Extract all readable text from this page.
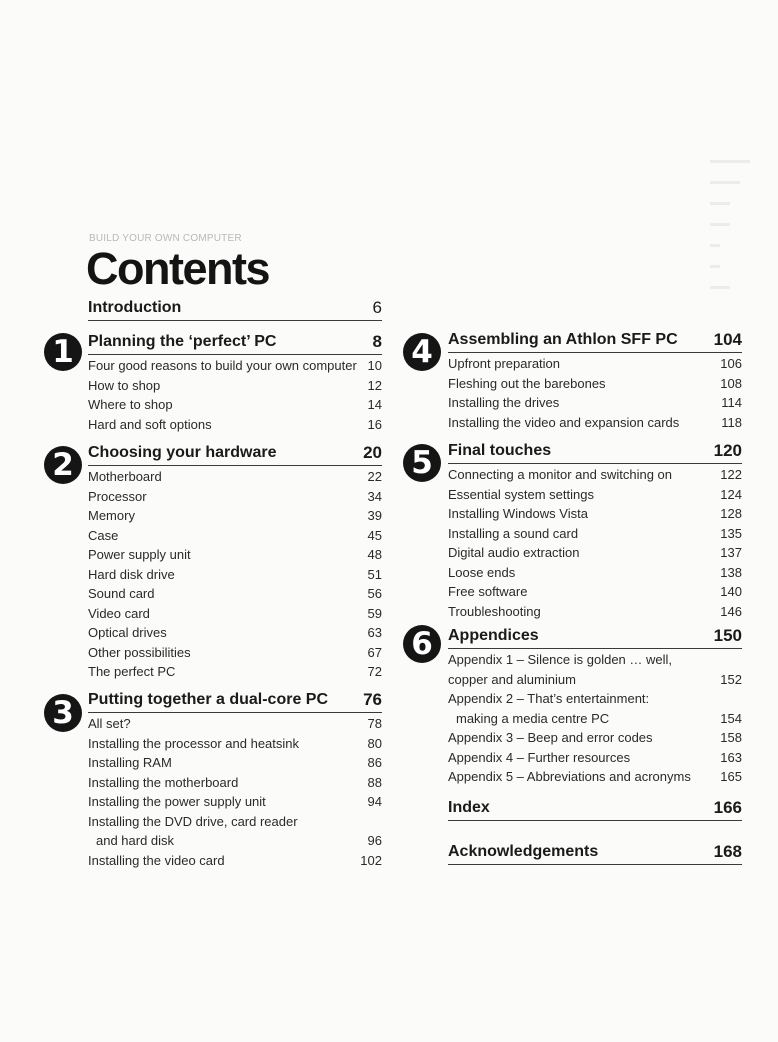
▬▬▬▬
▬▬▬
▬▬
▬▬
▬
▬
▬▬
BUILD YOUR OWN COMPUTER
Contents
Introduction	6
1
2
3
4
5
6
Planning the ‘perfect’ PC	8
Four good reasons to build your own computer 10
How to shop	12
Where to shop	14
Hard and soft options	16
Choosing your hardware	20
Motherboard	22
Processor	34
Memory	39
Case	45
Power supply unit	48
Hard disk drive	51
Sound card	56
Video card	59
Optical drives	63
Other possibilities	67
The perfect PC	72
Putting together a dual-core PC 76
All set?	78
Installing the processor and heatsink	80
Installing RAM	86
Installing the motherboard	88
Installing the power supply unit	94
Installing the DVD drive, card reader
and hard disk	96
Installing the video card	102
Assembling an Athlon SFF PC 104
Upfront preparation	106
Fleshing out the barebones	108
Installing the drives	114
Installing the video and expansion cards	118
Final touches	120
Connecting a monitor and switching on	122
Essential system settings	124
Installing Windows Vista	128
Installing a sound card	135
Digital audio extraction	137
Loose ends	138
Free software	140
Troubleshooting	146
Appendices	150
Appendix 1 – Silence is golden … well,
copper and aluminium	152
Appendix 2 – That’s entertainment:
making a media centre PC	154
Appendix 3 – Beep and error codes	158
Appendix 4 – Further resources	163
Appendix 5 – Abbreviations and acronyms 165
Index	166
Acknowledgements	168
